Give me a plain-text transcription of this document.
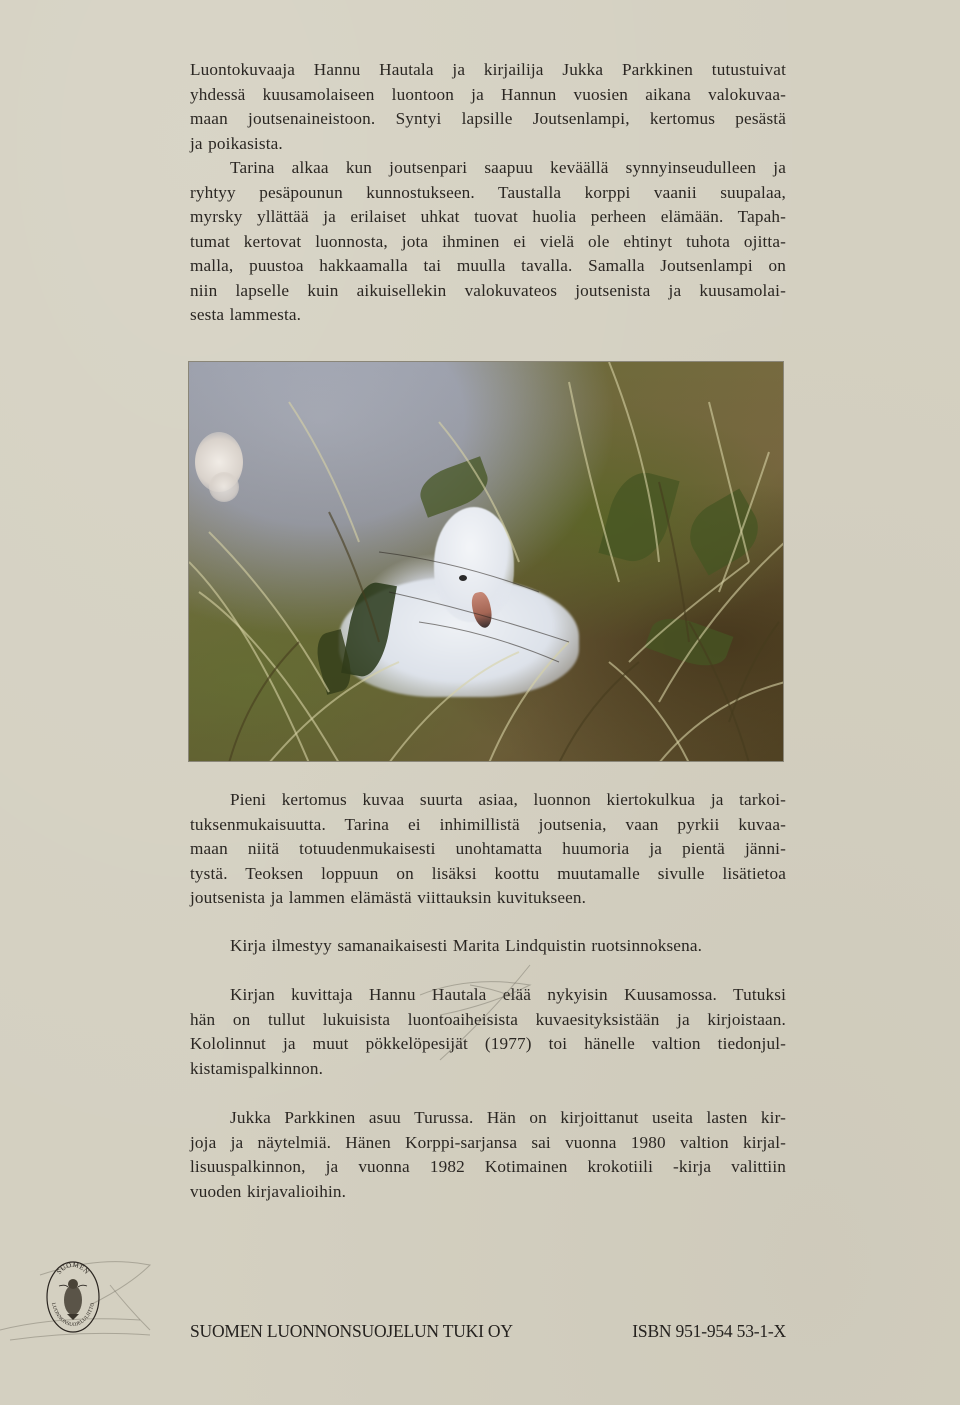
Luontokuvaaja Hannu Hautala ja kirjailija Jukka Parkkinen tutustuivat

yhdessä kuusamolaiseen luontoon ja Hannun vuosien aikana valokuvaa-

maan joutsenaineistoon. Syntyi lapsille Joutsenlampi, kertomus pesästä

ja poikasista.

Tarina alkaa kun joutsenpari saapuu keväällä synnyinseudulleen ja

ryhtyy pesäpounun kunnostukseen. Taustalla korppi vaanii suupalaa,

myrsky yllättää ja erilaiset uhkat tuovat huolia perheen elämään. Tapah-

tumat kertovat luonnosta, jota ihminen ei vielä ole ehtinyt tuhota ojitta-

malla, puustoa hakkaamalla tai muulla tavalla. Samalla Joutsenlampi on

niin lapselle kuin aikuisellekin valokuvateos joutsenista ja kuusamolai-

sesta lammesta.

Pieni kertomus kuvaa suurta asiaa, luonnon kiertokulkua ja tarkoi-

tuksenmukaisuutta. Tarina ei inhimillistä joutsenia, vaan pyrkii kuvaa-

maan niitä totuudenmukaisesti unohtamatta huumoria ja pientä jänni-

tystä. Teoksen loppuun on lisäksi koottu muutamalle sivulle lisätietoa

joutsenista ja lammen elämästä viittauksin kuvitukseen.

Kirja ilmestyy samanaikaisesti Marita Lindquistin ruotsinnoksena.

Kirjan kuvittaja Hannu Hautala elää nykyisin Kuusamossa. Tutuksi

hän on tullut lukuisista luontoaiheisista kuvaesityksistään ja kirjoistaan.

Kololinnut ja muut pökkelöpesijät (1977) toi hänelle valtion tiedonjul-

kistamispalkinnon.

Jukka Parkkinen asuu Turussa. Hän on kirjoittanut useita lasten kir-

joja ja näytelmiä. Hänen Korppi-sarjansa sai vuonna 1980 valtion kirjal-

lisuuspalkinnon, ja vuonna 1982 Kotimainen krokotiili -kirja valittiin

vuoden kirjavalioihin.

SUOMEN
LUONNONSUOJELULIITTO
SUOMEN LUONNONSUOJELUN TUKI OY	ISBN 951-954 53-1-X
